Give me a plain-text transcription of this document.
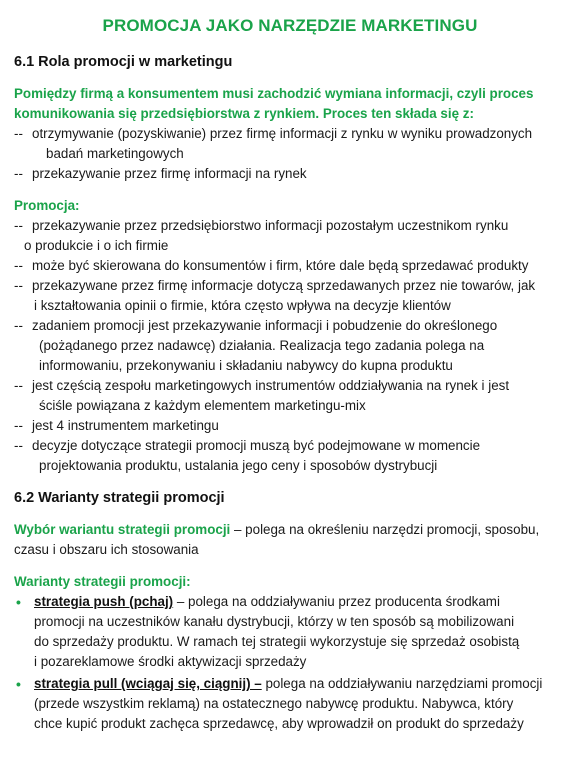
PROMOCJA JAKO NARZĘDZIE MARKETINGU
6.1 Rola promocji w marketingu
Pomiędzy firmą a konsumentem musi zachodzić wymiana informacji, czyli proces
komunikowania się przedsiębiorstwa z rynkiem. Proces ten składa się z:
-- otrzymywanie (pozyskiwanie) przez firmę informacji z rynku w wyniku prowadzonych
badań marketingowych
-- przekazywanie przez firmę informacji na rynek
Promocja:
-- przekazywanie przez przedsiębiorstwo informacji pozostałym uczestnikom rynku
o produkcie i o ich firmie
-- może być skierowana do konsumentów i firm, które dale będą sprzedawać produkty
-- przekazywane przez firmę informacje dotyczą sprzedawanych przez nie towarów, jak
i kształtowania opinii o firmie, która często wpływa na decyzje klientów
-- zadaniem promocji jest przekazywanie informacji i pobudzenie do określonego
(pożądanego przez nadawcę) działania. Realizacja tego zadania polega na
informowaniu, przekonywaniu i składaniu nabywcy do kupna produktu
-- jest częścią zespołu marketingowych instrumentów oddziaływania na rynek i jest
ściśle powiązana z każdym elementem marketingu-mix
-- jest 4 instrumentem marketingu
-- decyzje dotyczące strategii promocji muszą być podejmowane w momencie
projektowania produktu, ustalania jego ceny i sposobów dystrybucji
6.2 Warianty strategii promocji
Wybór wariantu strategii promocji – polega na określeniu narzędzi promocji, sposobu,
czasu i obszaru ich stosowania
Warianty strategii promocji:
• strategia push (pchaj) – polega na oddziaływaniu przez producenta środkami
promocji na uczestników kanału dystrybucji, którzy w ten sposób są mobilizowani
do sprzedaży produktu. W ramach tej strategii wykorzystuje się sprzedaż osobistą
i pozareklamowe środki aktywizacji sprzedaży
• strategia pull (wciągaj się, ciągnij) – polega na oddziaływaniu narzędziami promocji
(przede wszystkim reklamą) na ostatecznego nabywcę produktu. Nabywca, który
chce kupić produkt zachęca sprzedawcę, aby wprowadził on produkt do sprzedaży
